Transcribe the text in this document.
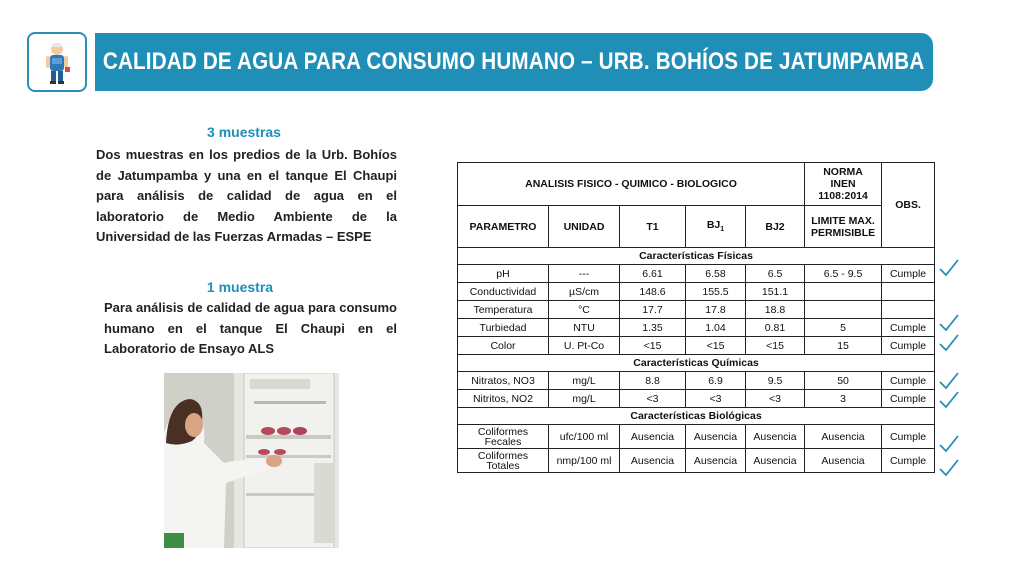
CALIDAD DE AGUA PARA CONSUMO HUMANO – URB. BOHÍOS DE JATUMPAMBA
3 muestras
Dos muestras en los predios de la Urb. Bohíos de Jatumpamba y una en el tanque El Chaupi para análisis de calidad de agua en el laboratorio de Medio Ambiente de la Universidad de las Fuerzas Armadas – ESPE
1 muestra
Para análisis de calidad de agua para consumo humano en el tanque El Chaupi en el Laboratorio de Ensayo ALS
ANALISIS FISICO - QUIMICO - BIOLOGICO					NORMA
INEN
1108:2014	OBS.
PARAMETRO	UNIDAD	T1	$BJ_1$	BJ2	LIMITE MAX.
PERMISIBLE	

Características Físicas						
pH	---	6.61	6.58	6.5	6.5 - 9.5	Cumple
Conductividad	µS/cm	148.6	155.5	151.1		
Temperatura	°C	17.7	17.8	18.8		
Turbiedad	NTU	1.35	1.04	0.81	5	Cumple
Color	U. Pt-Co	<15	<15	<15	15	Cumple
Características Químicas						
Nitratos, NO3	mg/L	8.8	6.9	9.5	50	Cumple
Nitritos, NO2	mg/L	<3	<3	<3	3	Cumple
Características Biológicas						

Coliformes
Fecales	ufc/100 ml	Ausencia	Ausencia	Ausencia	Ausencia	Cumple

Coliformes
Totales	nmp/100 ml	Ausencia	Ausencia	Ausencia	Ausencia	Cumple
